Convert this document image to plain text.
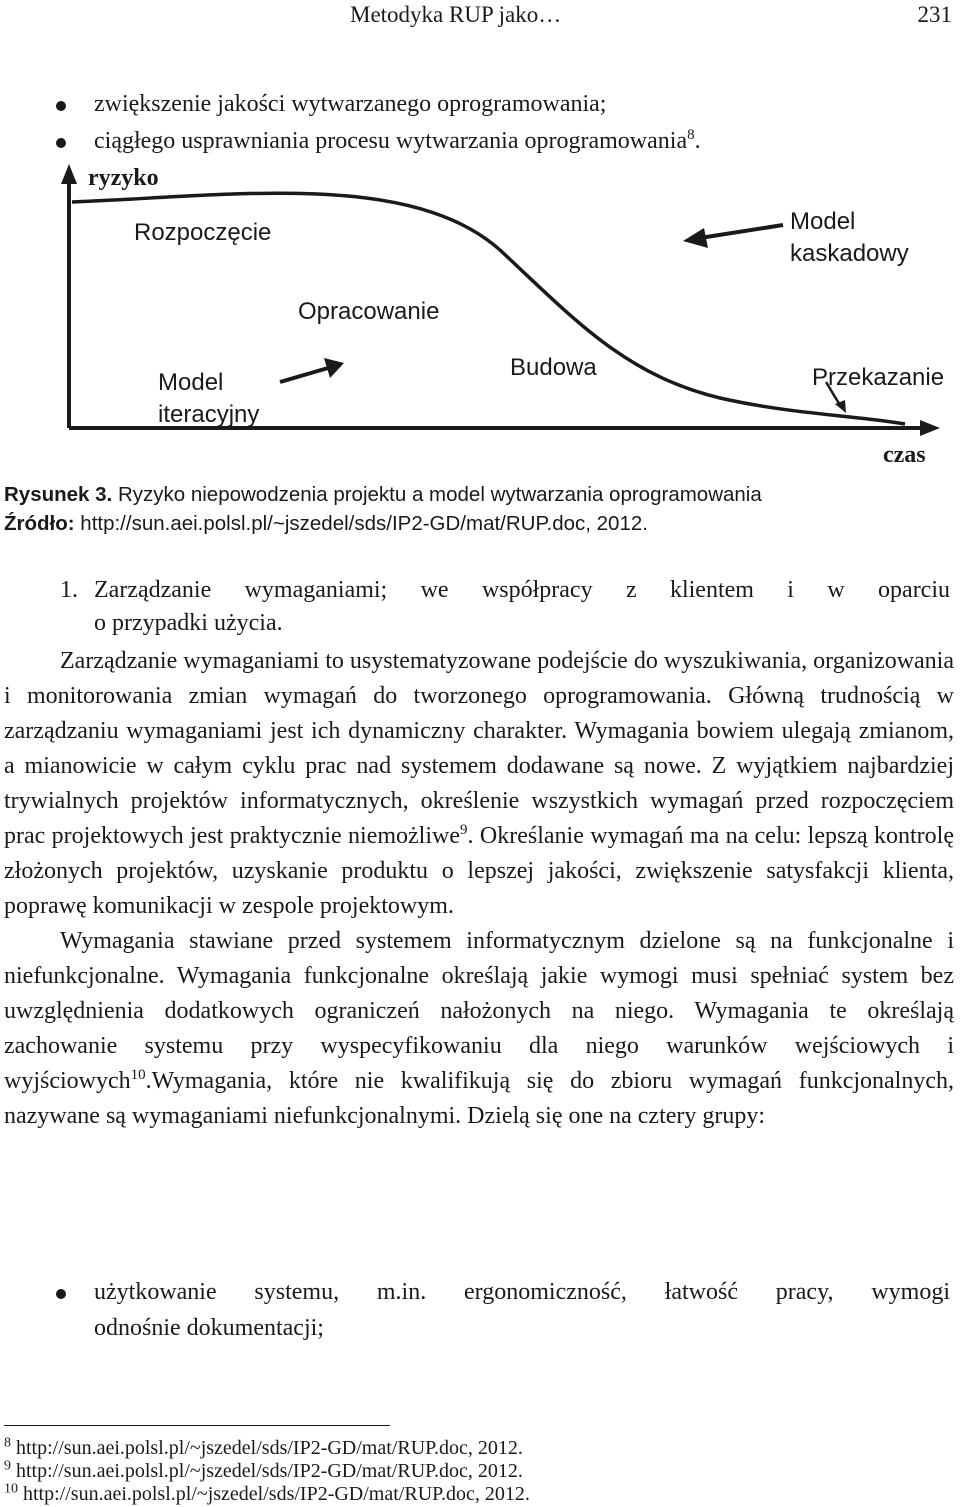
Metodyka RUP jako…	231
zwiększenie jakości wytwarzanego oprogramowania;
ciągłego usprawniania procesu wytwarzania oprogramowania$^8$.
ryzyko
Rozpoczęcie	Model
kaskadowy
Opracowanie
Budowa	Przekazanie
Model
iteracyjny
czas
Rysunek 3. Ryzyko niepowodzenia projektu a model wytwarzania oprogramowania
Źródło: http://sun.aei.polsl.pl/~jszedel/sds/IP2-GD/mat/RUP.doc, 2012.
1. Zarządzanie wymaganiami; we współpracy z klientem i w oparciu
o przypadki użycia.

Zarządzanie wymaganiami to usystematyzowane podejście do wyszukiwania, organizowania i monitorowania zmian wymagań do tworzonego oprogramowania. Główną trudnością w zarządzaniu wymaganiami jest ich dynamiczny charakter. Wymagania bowiem ulegają zmianom, a mianowicie w całym cyklu prac nad systemem dodawane są nowe. Z wyjątkiem najbardziej trywialnych projektów informatycznych, określenie wszystkich wymagań przed rozpoczęciem prac projektowych jest praktycznie niemożliwe$^9$. Określanie wymagań ma na celu: lepszą kontrolę złożonych projektów, uzyskanie produktu o lepszej jakości, zwiększenie satysfakcji klienta, poprawę komunikacji w zespole projektowym.

Wymagania stawiane przed systemem informatycznym dzielone są na funkcjonalne i niefunkcjonalne. Wymagania funkcjonalne określają jakie wymogi musi spełniać system bez uwzględnienia dodatkowych ograniczeń nałożonych na niego. Wymagania te określają zachowanie systemu przy wyspecyfikowaniu dla niego warunków wejściowych i wyjściowych$^{10}$.Wymagania, które nie kwalifikują się do zbioru wymagań funkcjonalnych, nazywane są wymaganiami niefunkcjonalnymi. Dzielą się one na cztery grupy:

użytkowanie systemu, m.in. ergonomiczność, łatwość pracy, wymogi
odnośnie dokumentacji;
$^8$ http://sun.aei.polsl.pl/~jszedel/sds/IP2-GD/mat/RUP.doc, 2012.
$^9$ http://sun.aei.polsl.pl/~jszedel/sds/IP2-GD/mat/RUP.doc, 2012.
$^{10}$ http://sun.aei.polsl.pl/~jszedel/sds/IP2-GD/mat/RUP.doc, 2012.
